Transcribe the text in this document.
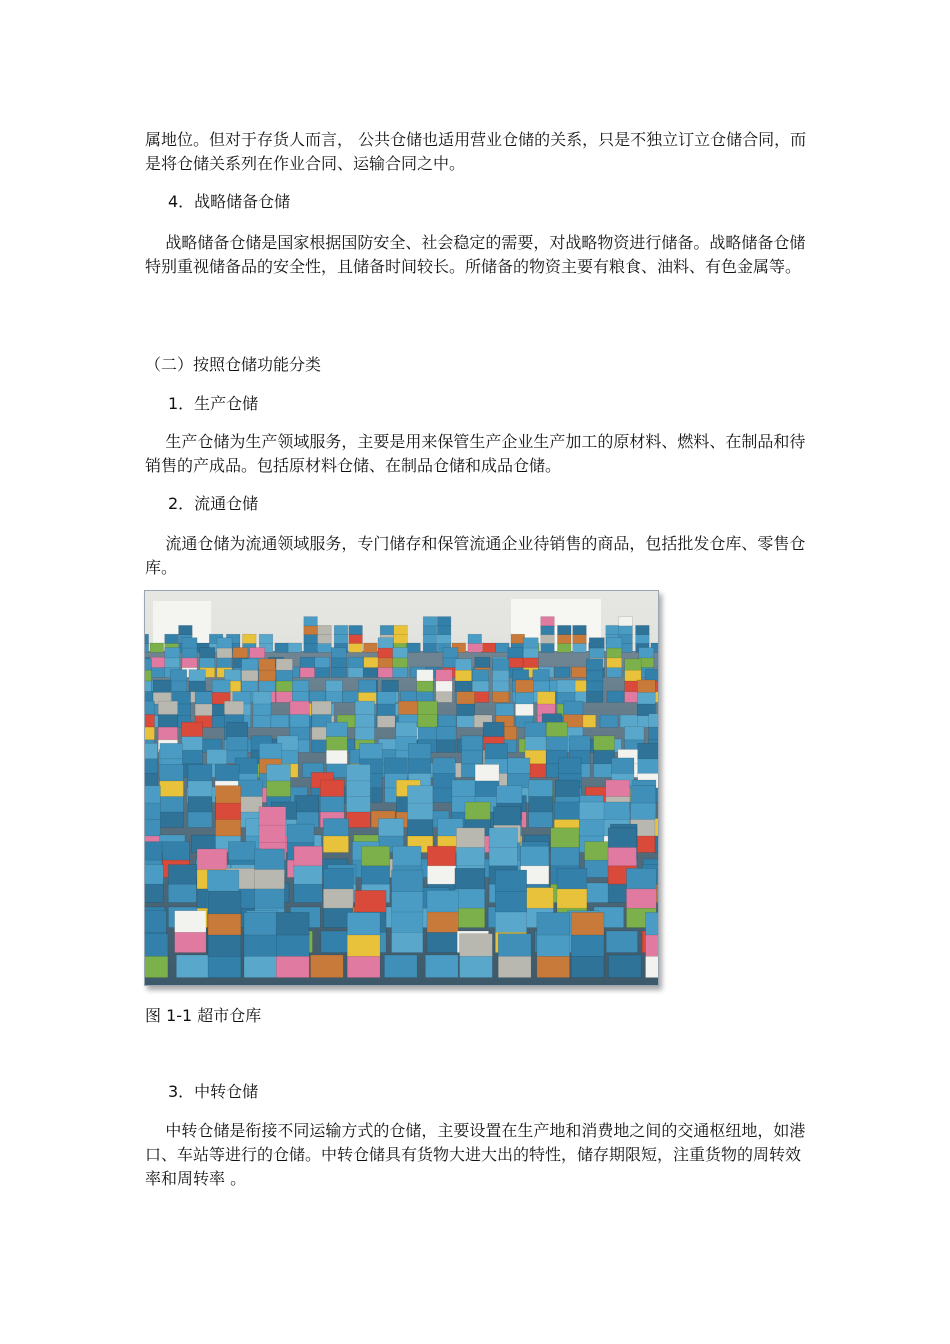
属地位。但对于存货人而言， 公共仓储也适用营业仓储的关系，只是不独立订立仓储合同，而是将仓储关系列在作业合同、运输合同之中。

4．战略储备仓储

战略储备仓储是国家根据国防安全、社会稳定的需要，对战略物资进行储备。战略储备仓储特别重视储备品的安全性，且储备时间较长。所储备的物资主要有粮食、油料、有色金属等。

（二）按照仓储功能分类

1．生产仓储

生产仓储为生产领域服务，主要是用来保管生产企业生产加工的原材料、燃料、在制品和待销售的产成品。包括原材料仓储、在制品仓储和成品仓储。

2．流通仓储

流通仓储为流通领域服务，专门储存和保管流通企业待销售的商品，包括批发仓库、零售仓库。

图 1-1 超市仓库

3．中转仓储

中转仓储是衔接不同运输方式的仓储，主要设置在生产地和消费地之间的交通枢纽地，如港口、车站等进行的仓储。中转仓储具有货物大进大出的特性，储存期限短，注重货物的周转效率和周转率 。
